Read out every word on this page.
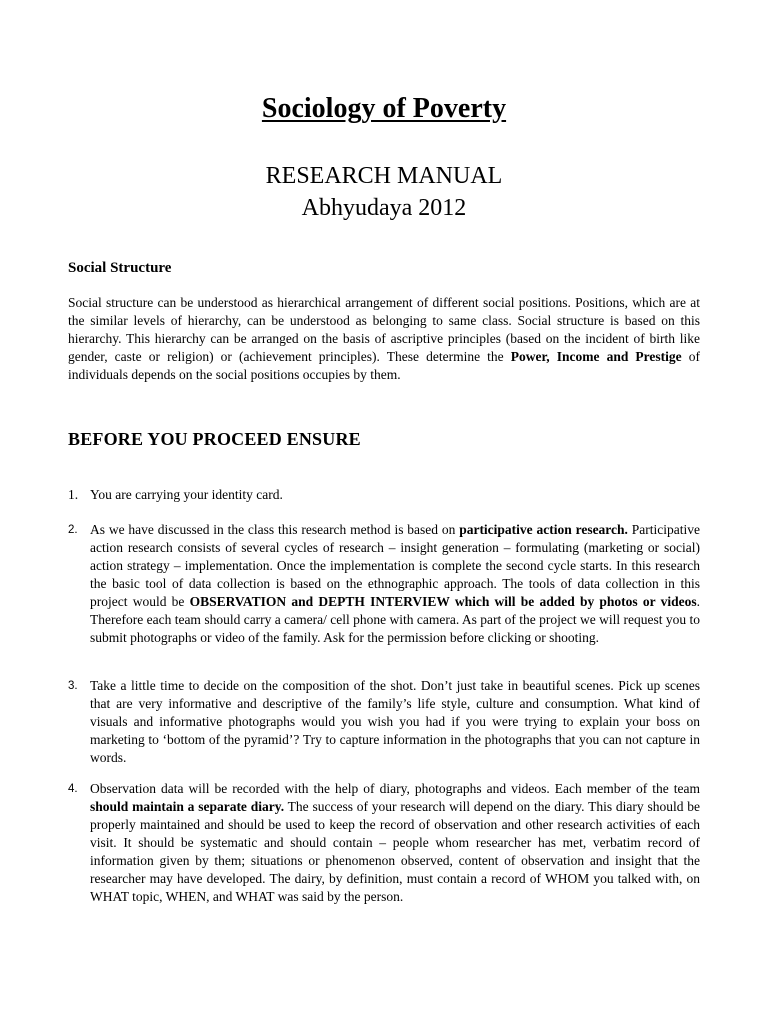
Sociology of Poverty
RESEARCH MANUAL
Abhyudaya 2012
Social Structure
Social structure can be understood as hierarchical arrangement of different social positions. Positions, which are at the similar levels of hierarchy, can be understood as belonging to same class. Social structure is based on this hierarchy. This hierarchy can be arranged on the basis of ascriptive principles (based on the incident of birth like gender, caste or religion) or (achievement principles). These determine the Power, Income and Prestige of individuals depends on the social positions occupies by them.
BEFORE YOU PROCEED ENSURE
1. You are carrying your identity card.
2. As we have discussed in the class this research method is based on participative action research. Participative action research consists of several cycles of research – insight generation – formulating (marketing or social) action strategy – implementation. Once the implementation is complete the second cycle starts. In this research the basic tool of data collection is based on the ethnographic approach. The tools of data collection in this project would be OBSERVATION and DEPTH INTERVIEW which will be added by photos or videos. Therefore each team should carry a camera/ cell phone with camera. As part of the project we will request you to submit photographs or video of the family. Ask for the permission before clicking or shooting.
3. Take a little time to decide on the composition of the shot. Don’t just take in beautiful scenes. Pick up scenes that are very informative and descriptive of the family’s life style, culture and consumption. What kind of visuals and informative photographs would you wish you had if you were trying to explain your boss on marketing to ‘bottom of the pyramid’? Try to capture information in the photographs that you can not capture in words.
4. Observation data will be recorded with the help of diary, photographs and videos. Each member of the team should maintain a separate diary. The success of your research will depend on the diary. This diary should be properly maintained and should be used to keep the record of observation and other research activities of each visit. It should be systematic and should contain – people whom researcher has met, verbatim record of information given by them; situations or phenomenon observed, content of observation and insight that the researcher may have developed. The dairy, by definition, must contain a record of WHOM you talked with, on WHAT topic, WHEN, and WHAT was said by the person.
